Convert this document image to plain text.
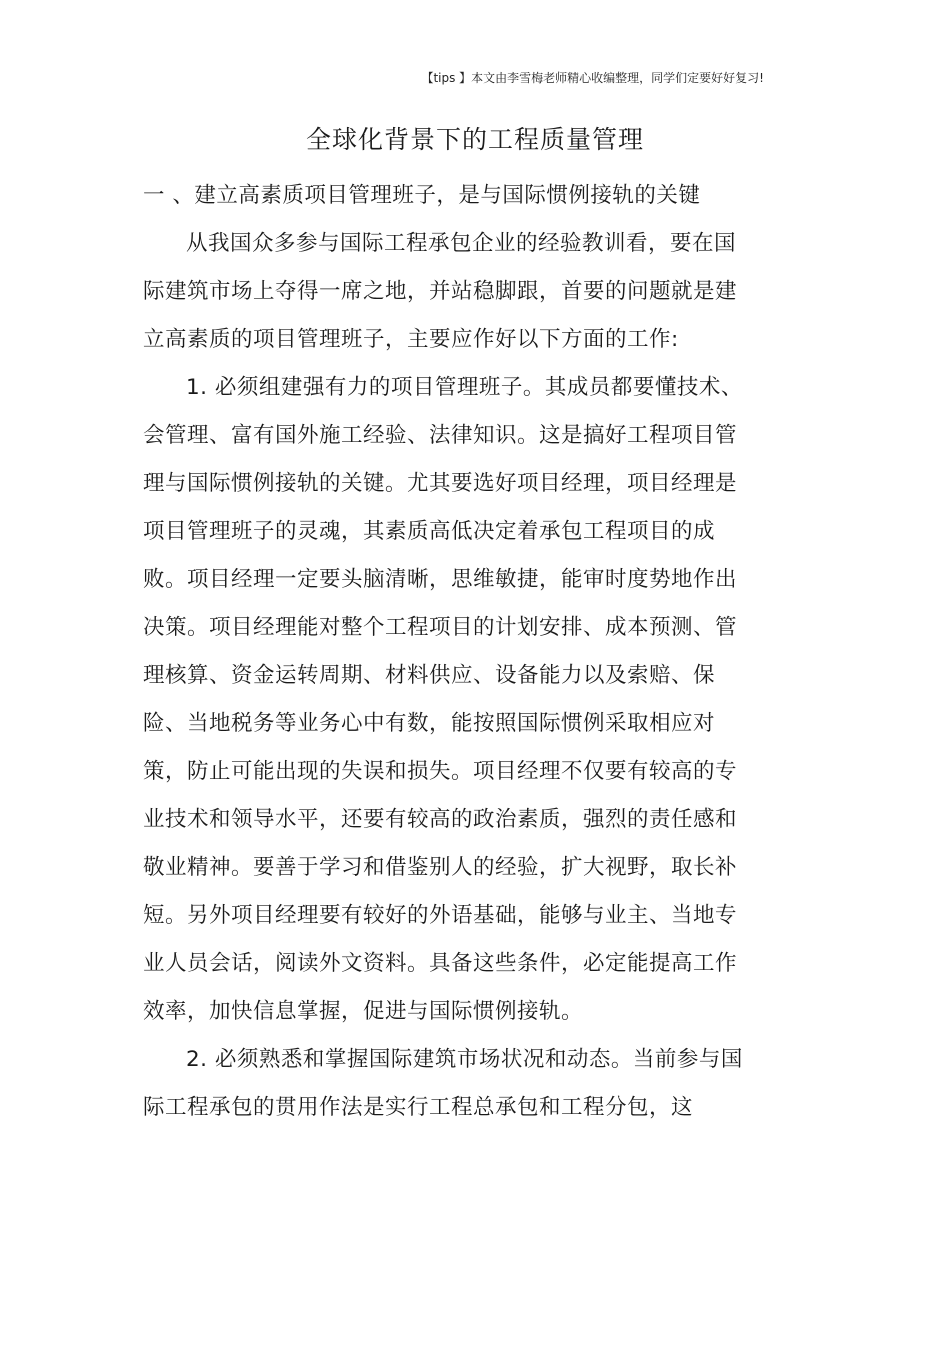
【tips 】本文由李雪梅老师精心收编整理，同学们定要好好复习!
全球化背景下的工程质量管理

一 、建立高素质项目管理班子，是与国际惯例接轨的关键

从我国众多参与国际工程承包企业的经验教训看，要在国际建筑市场上夺得一席之地，并站稳脚跟，首要的问题就是建立高素质的项目管理班子，主要应作好以下方面的工作:

1. 必须组建强有力的项目管理班子。其成员都要懂技术、会管理、富有国外施工经验、法律知识。这是搞好工程项目管理与国际惯例接轨的关键。尤其要选好项目经理，项目经理是项目管理班子的灵魂，其素质高低决定着承包工程项目的成败。项目经理一定要头脑清晰，思维敏捷，能审时度势地作出决策。项目经理能对整个工程项目的计划安排、成本预测、管理核算、资金运转周期、材料供应、设备能力以及索赔、保险、当地税务等业务心中有数，能按照国际惯例采取相应对策，防止可能出现的失误和损失。项目经理不仅要有较高的专业技术和领导水平，还要有较高的政治素质，强烈的责任感和敬业精神。要善于学习和借鉴别人的经验，扩大视野，取长补短。另外项目经理要有较好的外语基础，能够与业主、当地专业人员会话，阅读外文资料。具备这些条件，必定能提高工作效率，加快信息掌握，促进与国际惯例接轨。

2. 必须熟悉和掌握国际建筑市场状况和动态。当前参与国际工程承包的贯用作法是实行工程总承包和工程分包，这
